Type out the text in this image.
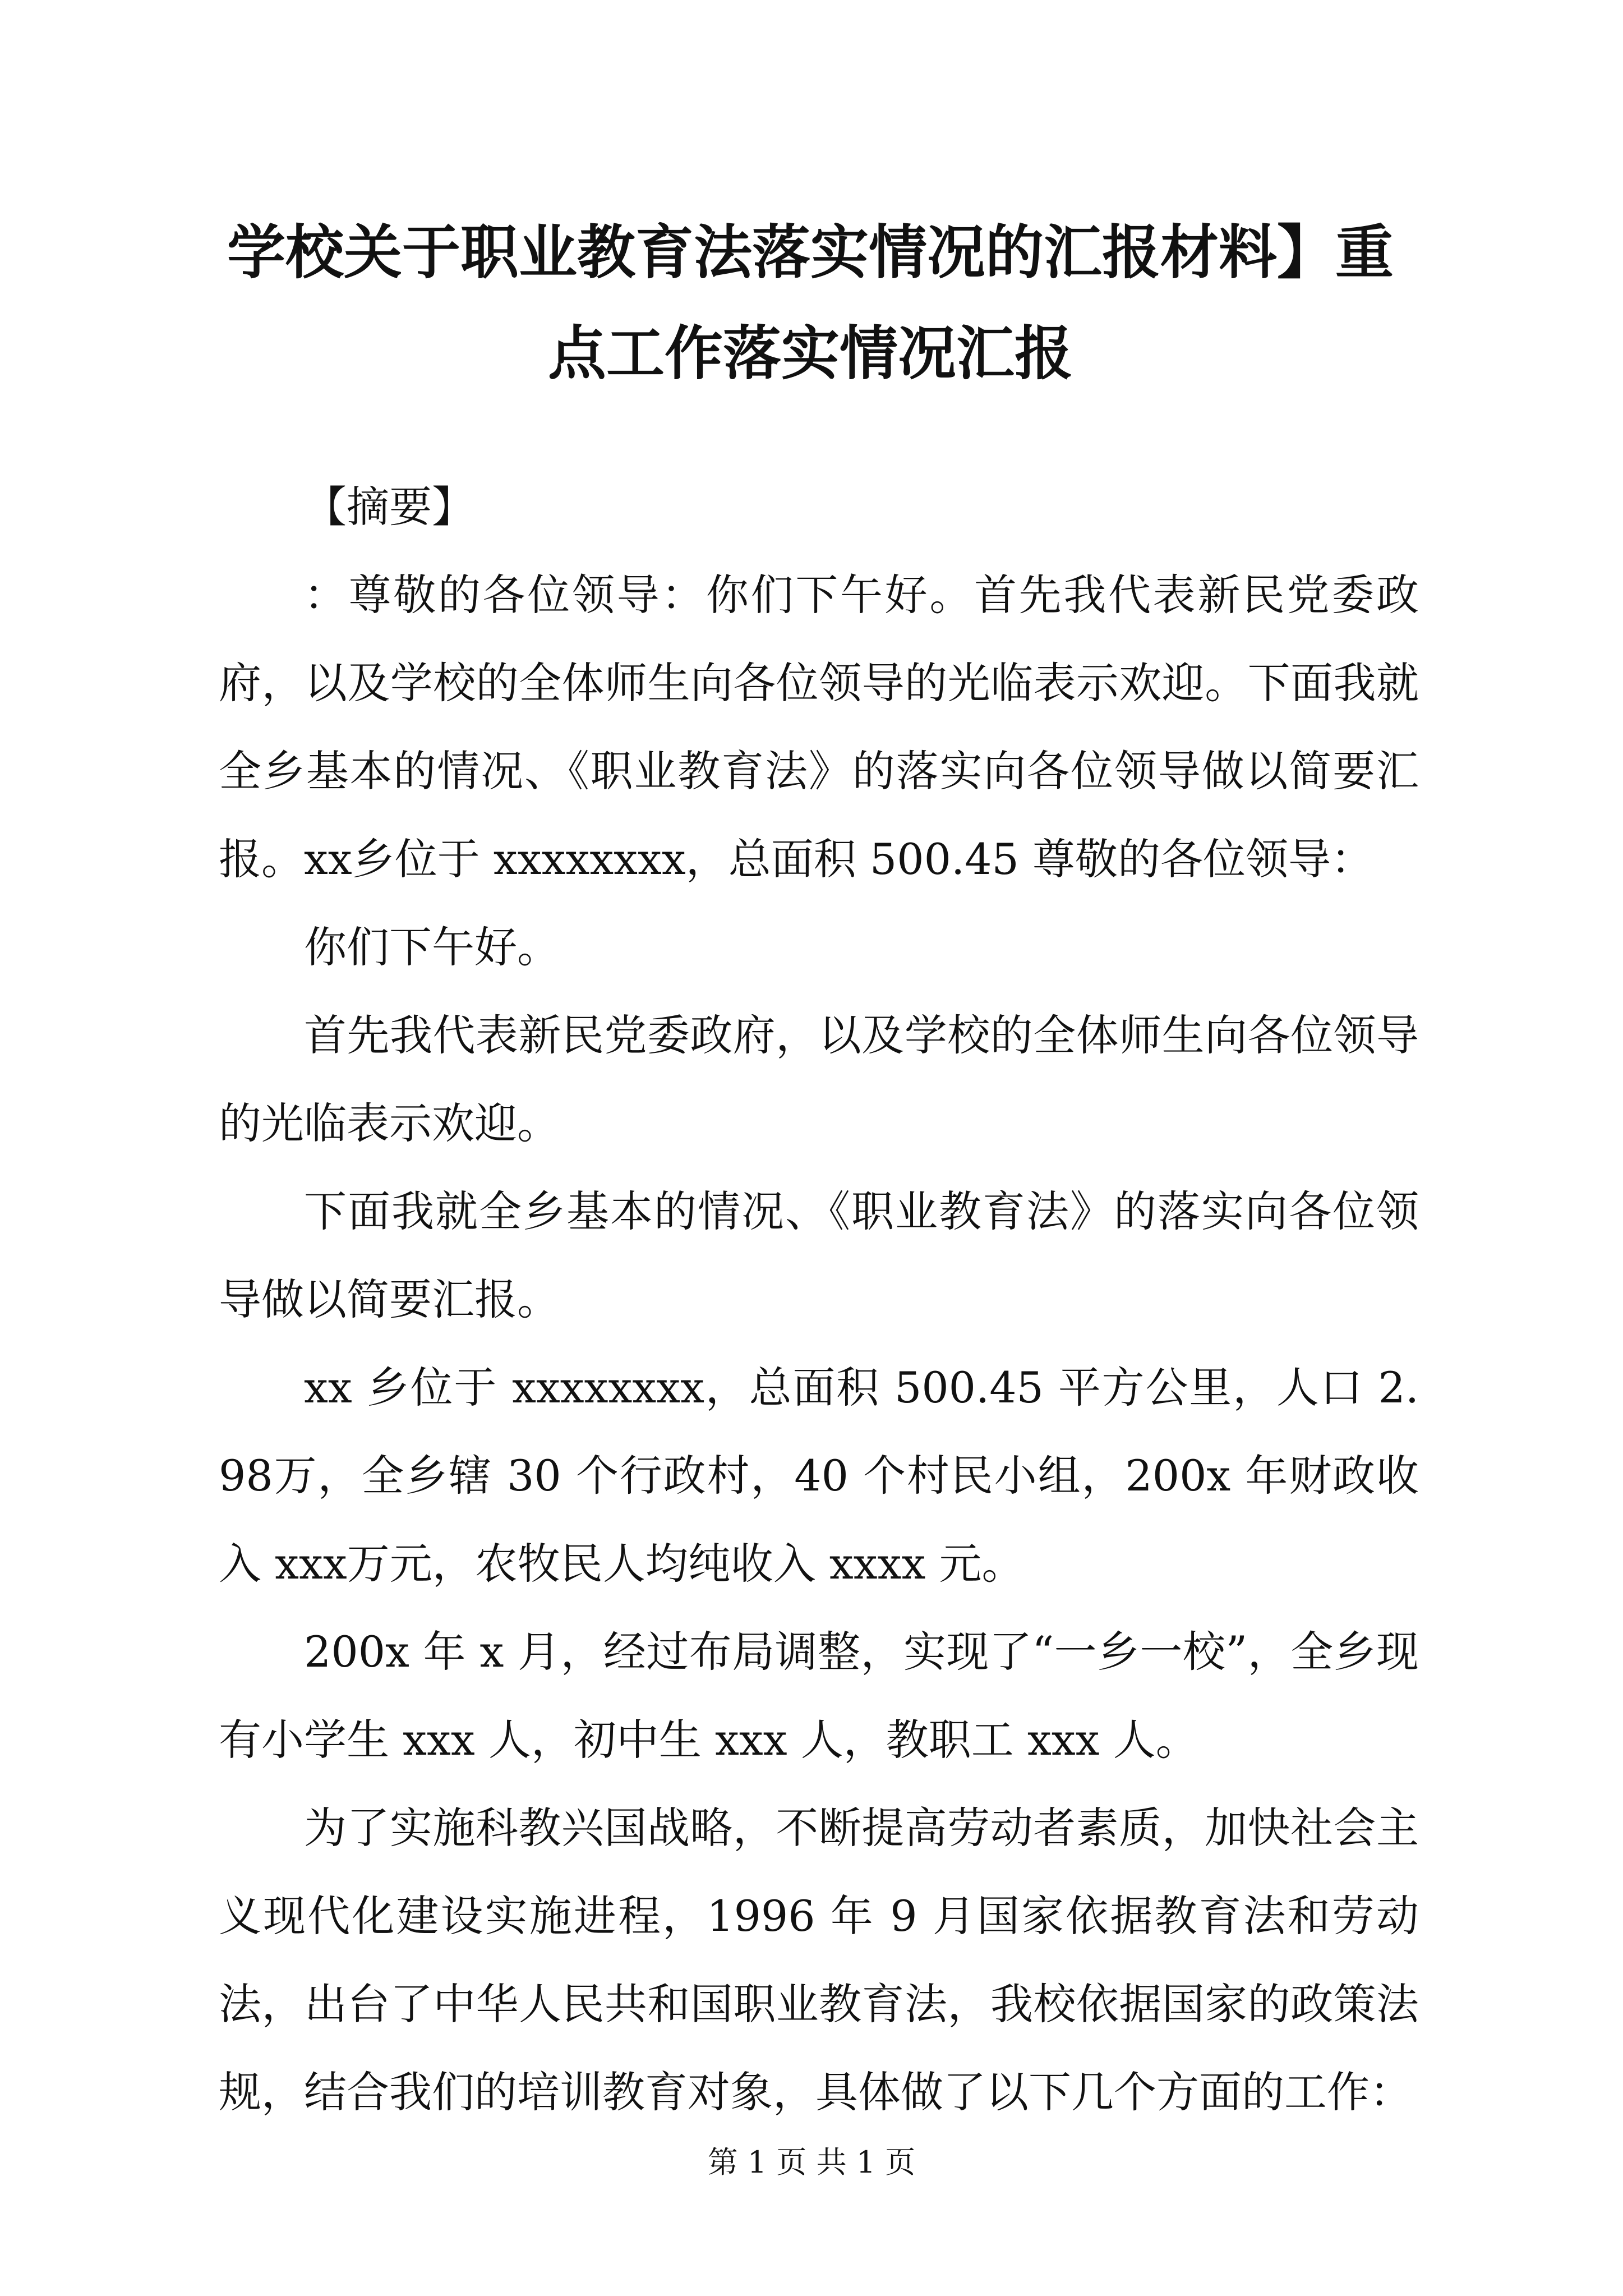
学校关于职业教育法落实情况的汇报材料】重点工作落实情况汇报

【摘要】

：尊敬的各位领导：你们下午好。首先我代表新民党委政府，以及学校的全体师生向各位领导的光临表示欢迎。下面我就全乡基本的情况、《职业教育法》的落实向各位领导做以简要汇报。xx乡位于 xxxxxxxx，总面积 500.45 尊敬的各位领导：

你们下午好。

首先我代表新民党委政府，以及学校的全体师生向各位领导的光临表示欢迎。

下面我就全乡基本的情况、《职业教育法》的落实向各位领导做以简要汇报。

xx 乡位于 xxxxxxxx，总面积 500.45 平方公里，人口 2.98万，全乡辖 30 个行政村，40 个村民小组，200x 年财政收入 xxx万元，农牧民人均纯收入 xxxx 元。

200x 年 x 月，经过布局调整，实现了“一乡一校”，全乡现有小学生 xxx 人，初中生 xxx 人，教职工 xxx 人。

为了实施科教兴国战略，不断提高劳动者素质，加快社会主义现代化建设实施进程，1996 年 9 月国家依据教育法和劳动法，出台了中华人民共和国职业教育法，我校依据国家的政策法规，结合我们的培训教育对象，具体做了以下几个方面的工作：

第 1 页 共 1 页
